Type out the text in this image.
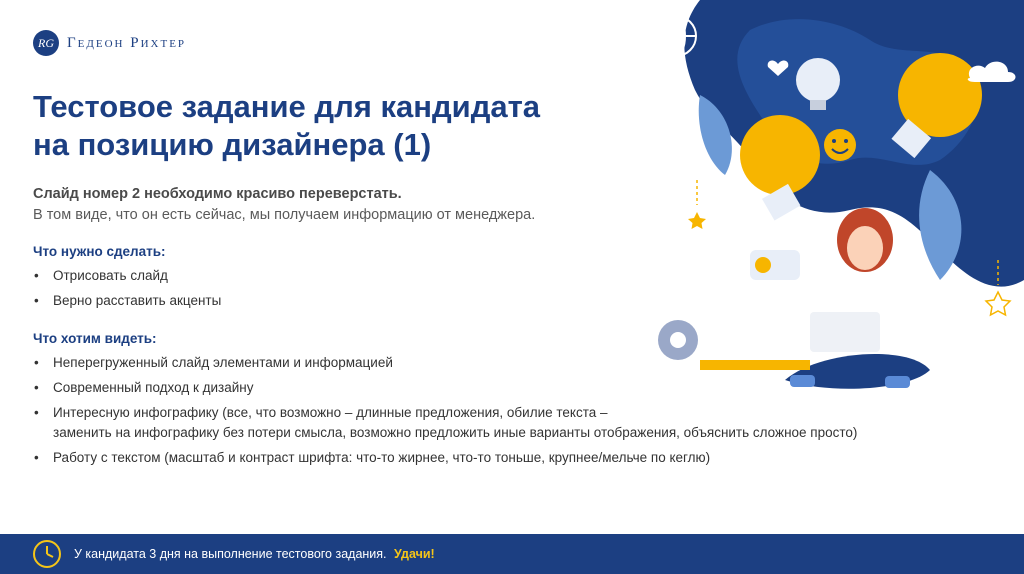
RG Гедеон Рихтер
Тестовое задание для кандидата
на позицию дизайнера (1)
Слайд номер 2 необходимо красиво переверстать.
В том виде, что он есть сейчас, мы получаем информацию от менеджера.
Что нужно сделать:
• Отрисовать слайд
• Верно расставить акценты
Что хотим видеть:
• Неперегруженный слайд элементами и информацией
• Современный подход к дизайну
• Интересную инфографику (все, что возможно – длинные предложения, обилие текста –
заменить на инфографику без потери смысла, возможно предложить иные варианты отображения, объяснить сложное просто)
• Работу с текстом (масштаб и контраст шрифта: что-то жирнее, что-то тоньше, крупнее/мельче по кеглю)
У кандидата 3 дня на выполнение тестового задания. Удачи!
